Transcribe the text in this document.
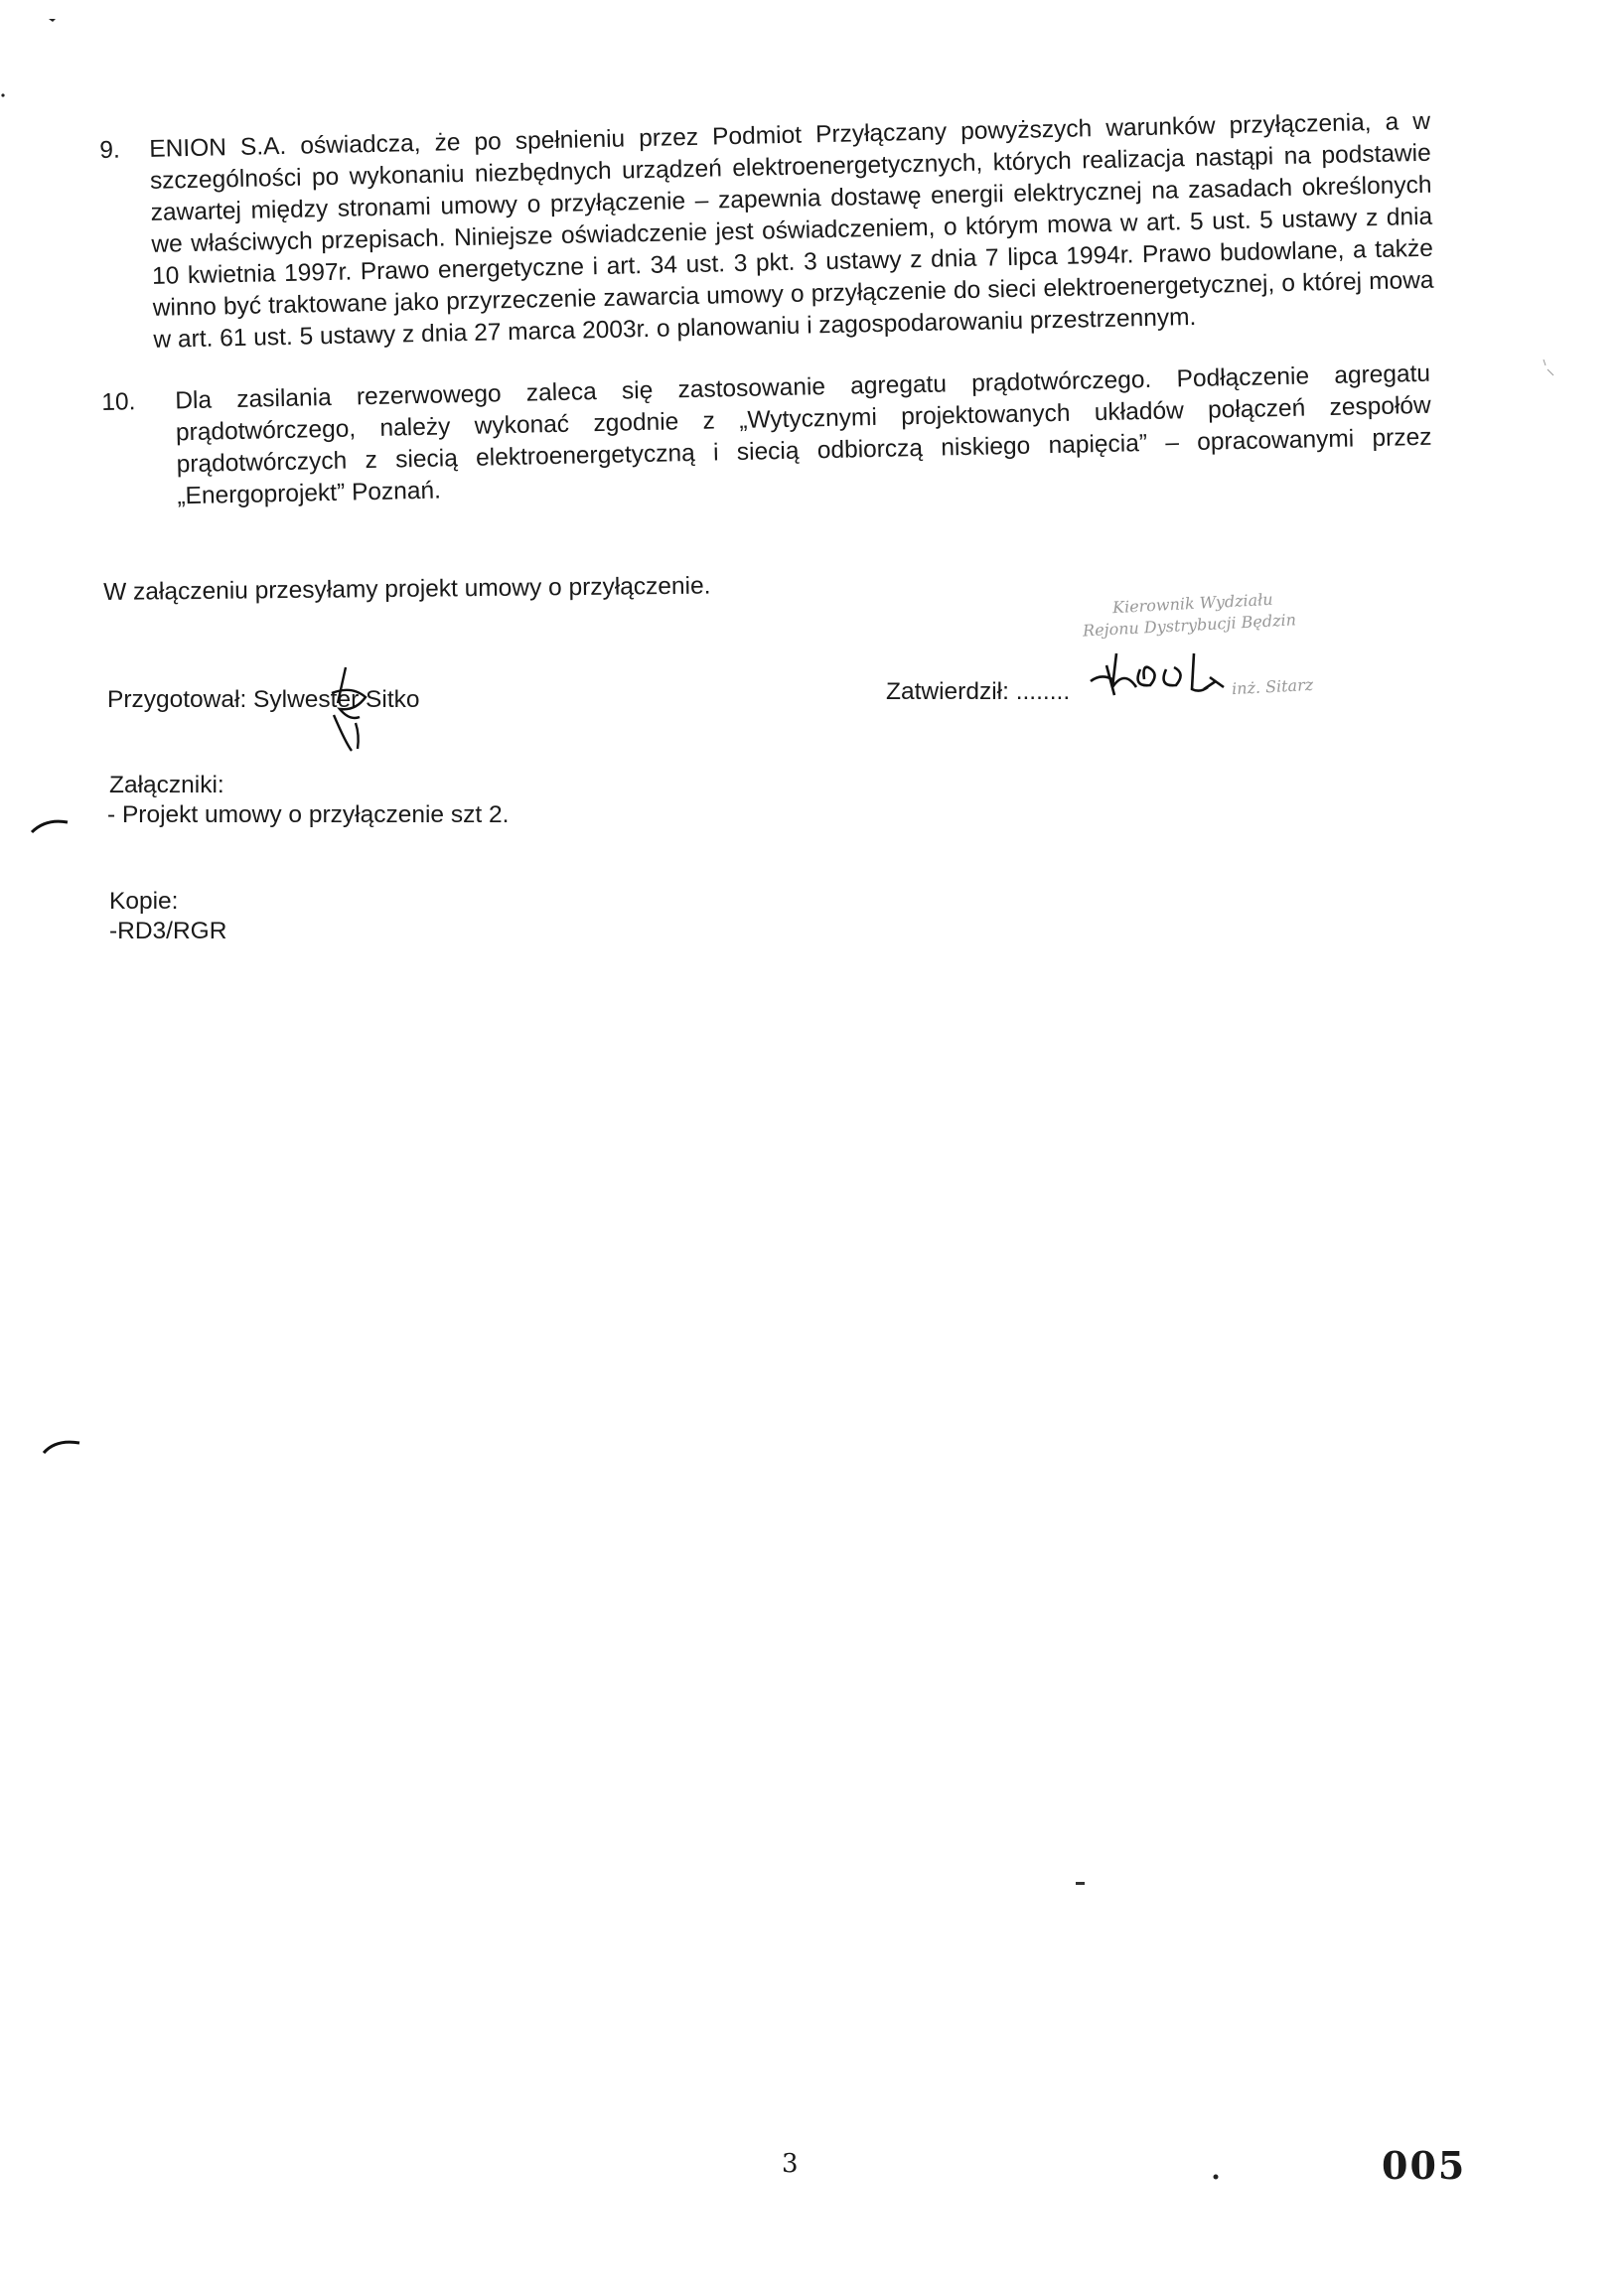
9.	ENION S.A. oświadcza, że po spełnieniu przez Podmiot Przyłączany powyższych warunków przyłączenia, a w szczególności po wykonaniu niezbędnych urządzeń elektroenergetycznych, których realizacja nastąpi na podstawie zawartej między stronami umowy o przyłączenie – zapewnia dostawę energii elektrycznej na zasadach określonych we właściwych przepisach. Niniejsze oświadczenie jest oświadczeniem, o którym mowa w art. 5 ust. 5 ustawy z dnia 10 kwietnia 1997r. Prawo energetyczne i art. 34 ust. 3 pkt. 3 ustawy z dnia 7 lipca 1994r. Prawo budowlane, a także winno być traktowane jako przyrzeczenie zawarcia umowy o przyłączenie do sieci elektroenergetycznej, o której mowa w art. 61 ust. 5 ustawy z dnia 27 marca 2003r. o planowaniu i zagospodarowaniu przestrzennym.
10.	Dla zasilania rezerwowego zaleca się zastosowanie agregatu prądotwórczego. Podłączenie agregatu prądotwórczego, należy wykonać zgodnie z „Wytycznymi projektowanych układów połączeń zespołów prądotwórczych z siecią elektroenergetyczną i siecią odbiorczą niskiego napięcia” – opracowanymi przez „Energoprojekt” Poznań.
W załączeniu przesyłamy projekt umowy o przyłączenie.	Kierownik Wydziału
Rejonu Dystrybucji Będzin
inż. Sitarz
Przygotował: Sylwester Sitko	Zatwierdził: ........
Załączniki:
- Projekt umowy o przyłączenie szt 2.
Kopie:
-RD3/RGR
3	005
